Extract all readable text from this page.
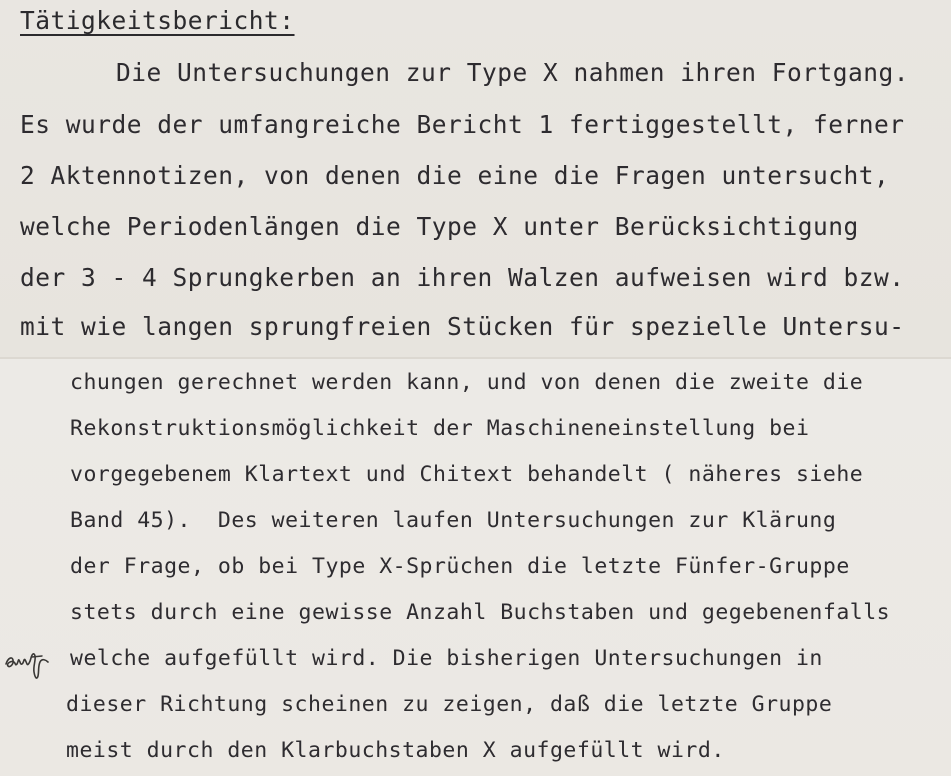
Tätigkeitsbericht:
Die Untersuchungen zur Type X nahmen ihren Fortgang.
Es wurde der umfangreiche Bericht 1 fertiggestellt, ferner
2 Aktennotizen, von denen die eine die Fragen untersucht,
welche Periodenlängen die Type X unter Berücksichtigung
der 3 - 4 Sprungkerben an ihren Walzen aufweisen wird bzw.
mit wie langen sprungfreien Stücken für spezielle Untersu-
chungen gerechnet werden kann, und von denen die zweite die
Rekonstruktionsmöglichkeit der Maschineneinstellung bei
vorgegebenem Klartext und Chitext behandelt ( näheres siehe
Band 45).  Des weiteren laufen Untersuchungen zur Klärung
der Frage, ob bei Type X-Sprüchen die letzte Fünfer-Gruppe
stets durch eine gewisse Anzahl Buchstaben und gegebenenfalls
welche aufgefüllt wird. Die bisherigen Untersuchungen in
dieser Richtung scheinen zu zeigen, daß die letzte Gruppe
meist durch den Klarbuchstaben X aufgefüllt wird.
